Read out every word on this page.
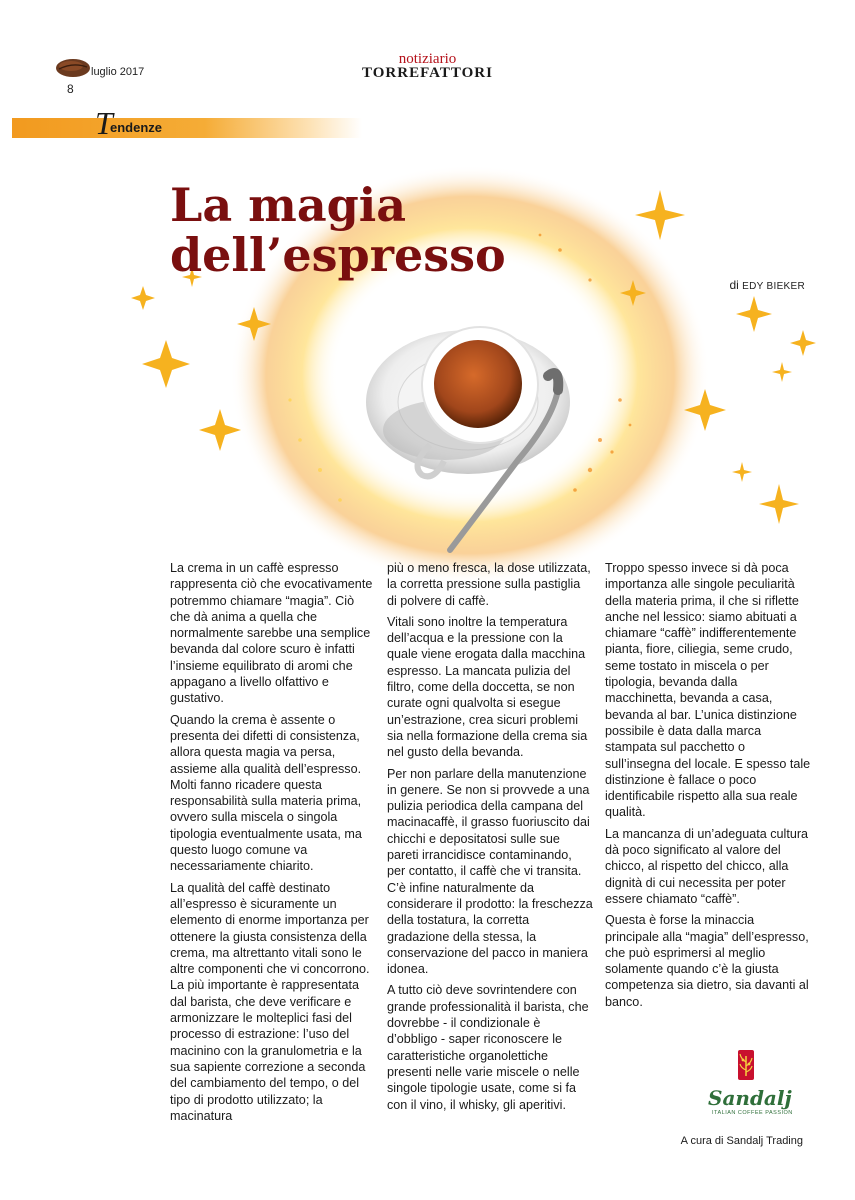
luglio 2017
8
notiziario
TORREFATTORI
T
endenze
La magia
dell’espresso
di EDY BIEKER

La crema in un caffè espresso rappresenta ciò che evocativamente potremmo chiamare “magia”. Ciò che dà anima a quella che normalmente sarebbe una semplice bevanda dal colore scuro è infatti l’insieme equilibrato di aromi che appagano a livello olfattivo e gustativo.

Quando la crema è assente o presenta dei difetti di consistenza, allora questa magia va persa, assieme alla qualità dell’espresso. Molti fanno ricadere questa responsabilità sulla materia prima, ovvero sulla miscela o singola tipologia eventualmente usata, ma questo luogo comune va necessariamente chiarito.

La qualità del caffè destinato all’espresso è sicuramente un elemento di enorme importanza per ottenere la giusta consistenza della crema, ma altrettanto vitali sono le altre componenti che vi concorrono. La più importante è rappresentata dal barista, che deve verificare e armonizzare le molteplici fasi del processo di estrazione: l’uso del macinino con la granulometria e la sua sapiente correzione a seconda del cambiamento del tempo, o del tipo di prodotto utilizzato; la macinatura

più o meno fresca, la dose utilizzata, la corretta pressione sulla pastiglia di polvere di caffè.

Vitali sono inoltre la temperatura dell’acqua e la pressione con la quale viene erogata dalla macchina espresso. La mancata pulizia del filtro, come della doccetta, se non curate ogni qualvolta si esegue un’estrazione, crea sicuri problemi sia nella formazione della crema sia nel gusto della bevanda.

Per non parlare della manutenzione in genere. Se non si provvede a una pulizia periodica della campana del macinacaffè, il grasso fuoriuscito dai chicchi e depositatosi sulle sue pareti irrancidisce contaminando, per contatto, il caffè che vi transita. C’è infine naturalmente da considerare il prodotto: la freschezza della tostatura, la corretta gradazione della stessa, la conservazione del pacco in maniera idonea.

A tutto ciò deve sovrintendere con grande professionalità il barista, che dovrebbe - il condizionale è d’obbligo - saper riconoscere le caratteristiche organolettiche presenti nelle varie miscele o nelle singole tipologie usate, come si fa con il vino, il whisky, gli aperitivi.

Troppo spesso invece si dà poca importanza alle singole peculiarità della materia prima, il che si riflette anche nel lessico: siamo abituati a chiamare “caffè” indifferentemente pianta, fiore, ciliegia, seme crudo, seme tostato in miscela o per tipologia, bevanda dalla macchinetta, bevanda a casa, bevanda al bar. L’unica distinzione possibile è data dalla marca stampata sul pacchetto o sull’insegna del locale. E spesso tale distinzione è fallace o poco identificabile rispetto alla sua reale qualità.

La mancanza di un’adeguata cultura dà poco significato al valore del chicco, al rispetto del chicco, alla dignità di cui necessita per poter essere chiamato “caffè”.

Questa è forse la minaccia principale alla “magia” dell’espresso, che può esprimersi al meglio solamente quando c’è la giusta competenza sia dietro, sia davanti al banco.

Sandalj
ITALIAN COFFEE PASSION
A cura di Sandalj Trading
